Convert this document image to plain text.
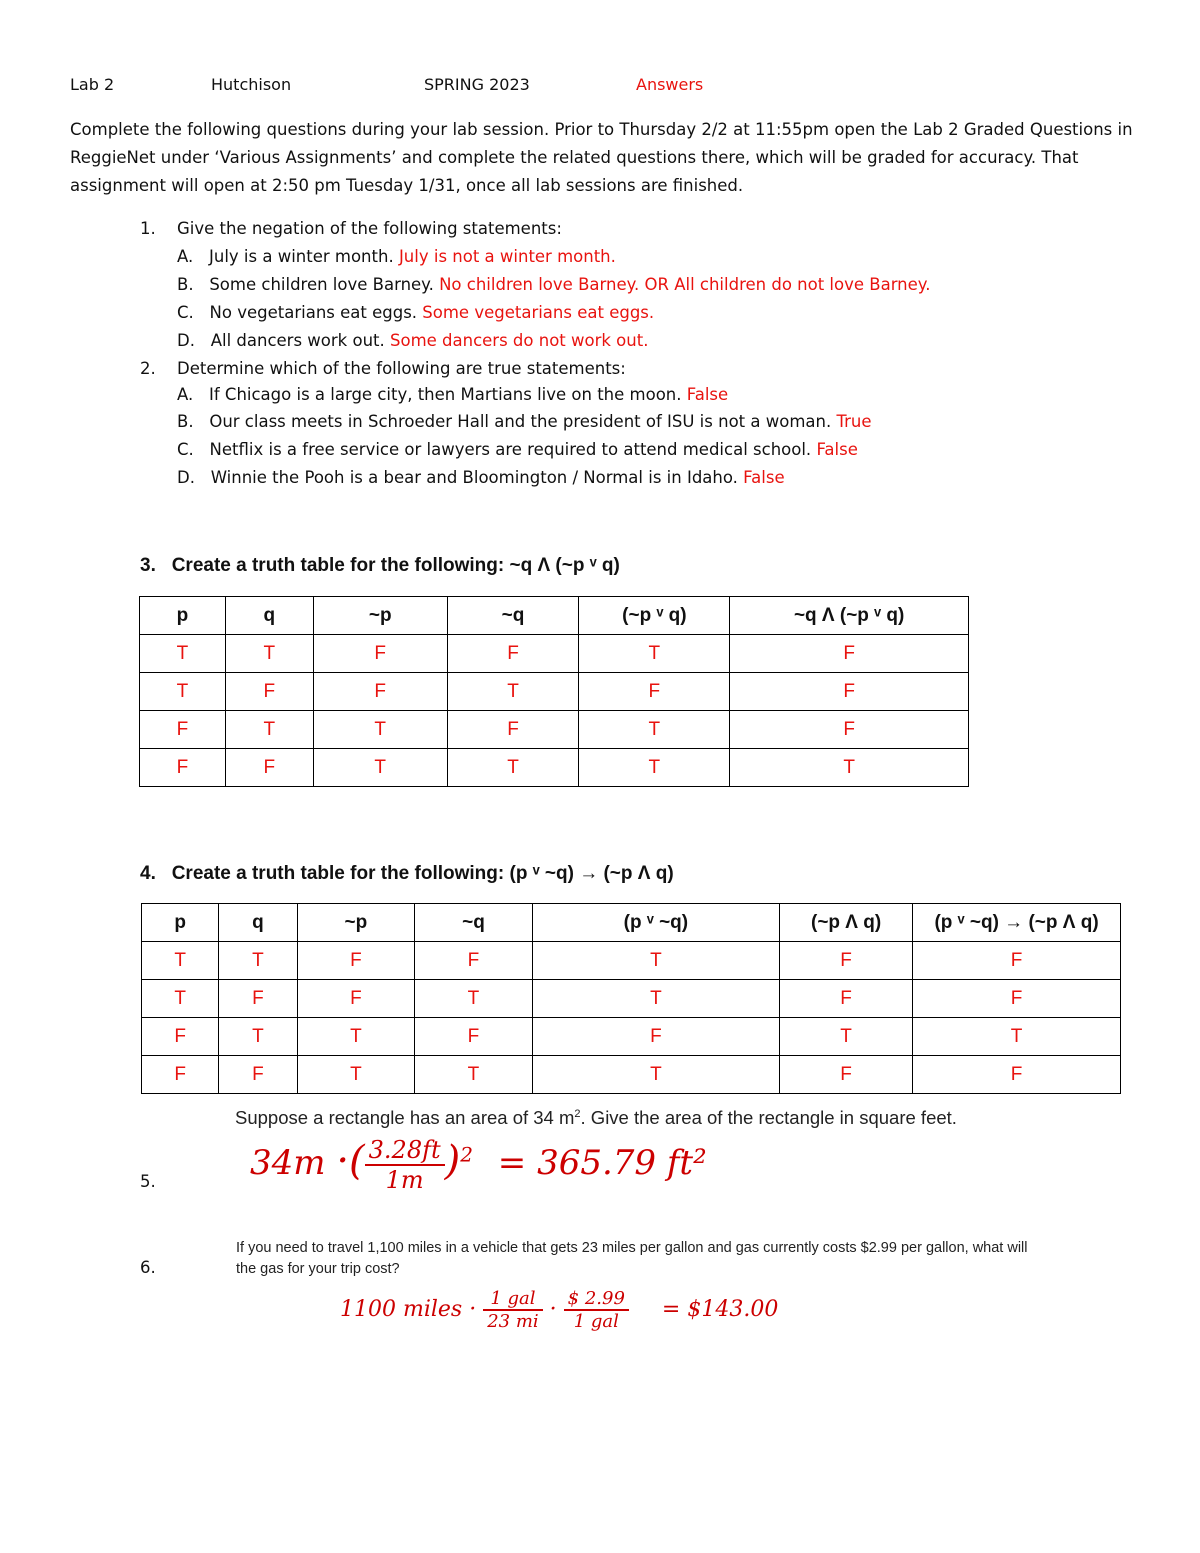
Lab 2	Hutchison	SPRING 2023	Answers
Complete the following questions during your lab session. Prior to Thursday 2/2 at 11:55pm open the Lab 2 Graded Questions in ReggieNet under ‘Various Assignments’ and complete the related questions there, which will be graded for accuracy. That assignment will open at 2:50 pm Tuesday 1/31, once all lab sessions are finished.
1. Give the negation of the following statements:
A. July is a winter month. July is not a winter month.
B. Some children love Barney. No children love Barney. OR All children do not love Barney.
C. No vegetarians eat eggs. Some vegetarians eat eggs.
D. All dancers work out. Some dancers do not work out.
2. Determine which of the following are true statements:
A. If Chicago is a large city, then Martians live on the moon. False
B. Our class meets in Schroeder Hall and the president of ISU is not a woman. True
C. Netflix is a free service or lawyers are required to attend medical school. False
D. Winnie the Pooh is a bear and Bloomington / Normal is in Idaho. False
3. Create a truth table for the following: ~q Λ (~p ᵛ q)
p	q	~p	~q	(~p ᵛ q)	~q Λ (~p ᵛ q)
T	T	F	F	T	F
T	F	F	T	F	F
F	T	T	F	T	F
F	F	T	T	T	T
4. Create a truth table for the following: (p ᵛ ~q) → (~p Λ q)
p	q	~p	~q	(p ᵛ ~q)	(~p Λ q)	(p ᵛ ~q) → (~p Λ q)
T	T	F	F	T	F	F
T	F	F	T	T	F	F
F	T	T	F	F	T	T
F	F	T	T	T	F	F
5.
Suppose a rectangle has an area of 34 $m^2$. Give the area of the rectangle in square feet.
34m ·( $\frac{3.28ft}{1m} )^2 = 365.79$ ft²
6.
If you need to travel 1,100 miles in a vehicle that gets 23 miles per gallon and gas currently costs $2.99 per gallon, what will the gas for your trip cost?
1100 miles · $\frac{\text{1 gal}}{23 mi} \cdot \frac{\$ 2.99}{\text{1 gal}}$ = $143.00
